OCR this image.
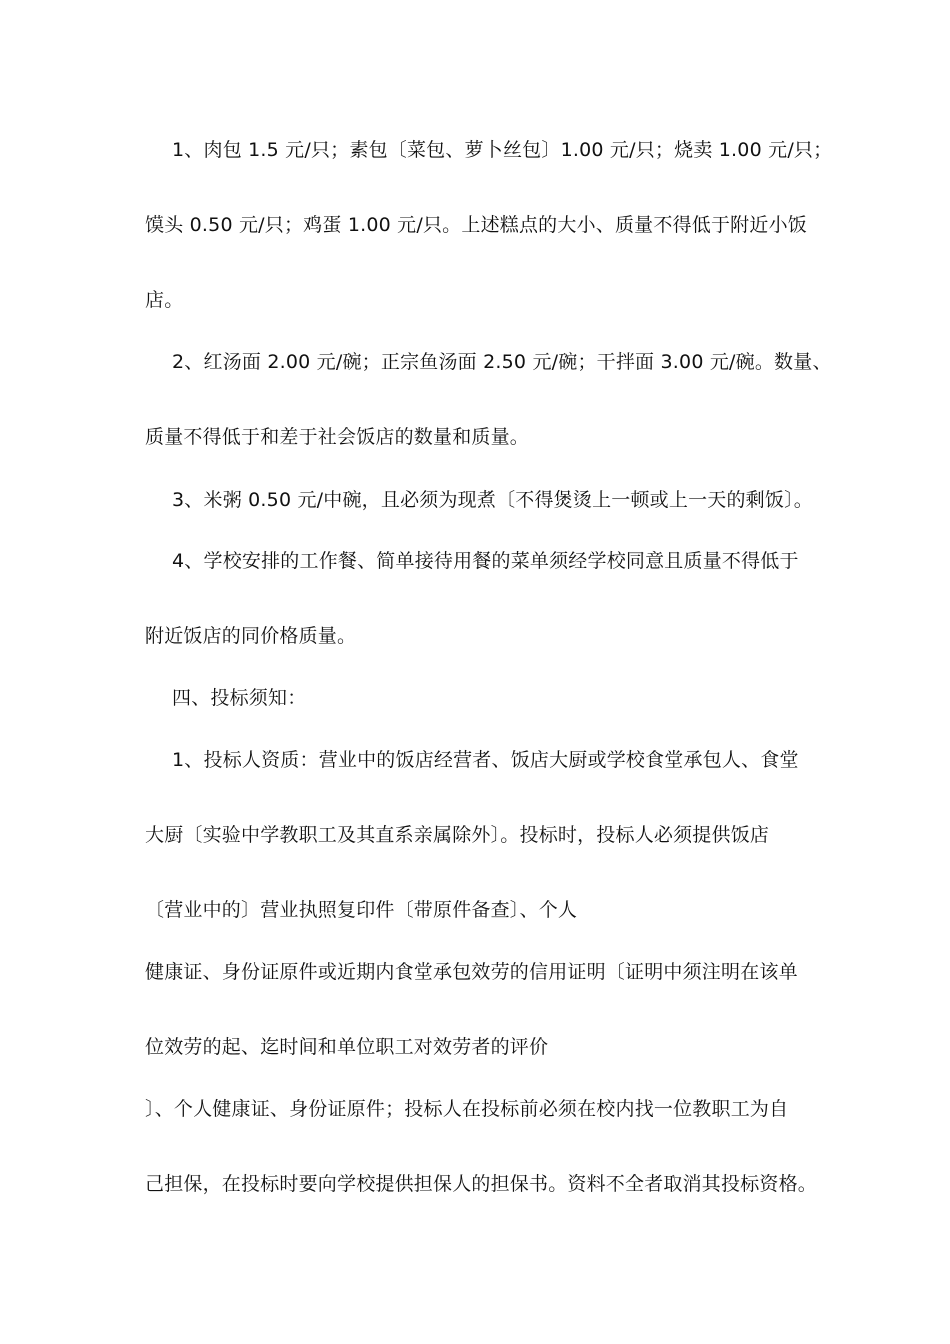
1、肉包 1.5 元/只；素包〔菜包、萝卜丝包〕1.00 元/只；烧卖 1.00 元/只；
馍头 0.50 元/只；鸡蛋 1.00 元/只。上述糕点的大小、质量不得低于附近小饭
店。
2、红汤面 2.00 元/碗；正宗鱼汤面 2.50 元/碗；干拌面 3.00 元/碗。数量、
质量不得低于和差于社会饭店的数量和质量。
3、米粥 0.50 元/中碗，且必须为现煮〔不得煲烫上一顿或上一天的剩饭〕。
4、学校安排的工作餐、简单接待用餐的菜单须经学校同意且质量不得低于
附近饭店的同价格质量。
四、投标须知：
1、投标人资质：营业中的饭店经营者、饭店大厨或学校食堂承包人、食堂
大厨〔实验中学教职工及其直系亲属除外〕。投标时，投标人必须提供饭店
〔营业中的〕营业执照复印件〔带原件备查〕、个人
健康证、身份证原件或近期内食堂承包效劳的信用证明〔证明中须注明在该单
位效劳的起、迄时间和单位职工对效劳者的评价
〕、个人健康证、身份证原件；投标人在投标前必须在校内找一位教职工为自
己担保，在投标时要向学校提供担保人的担保书。资料不全者取消其投标资格。
